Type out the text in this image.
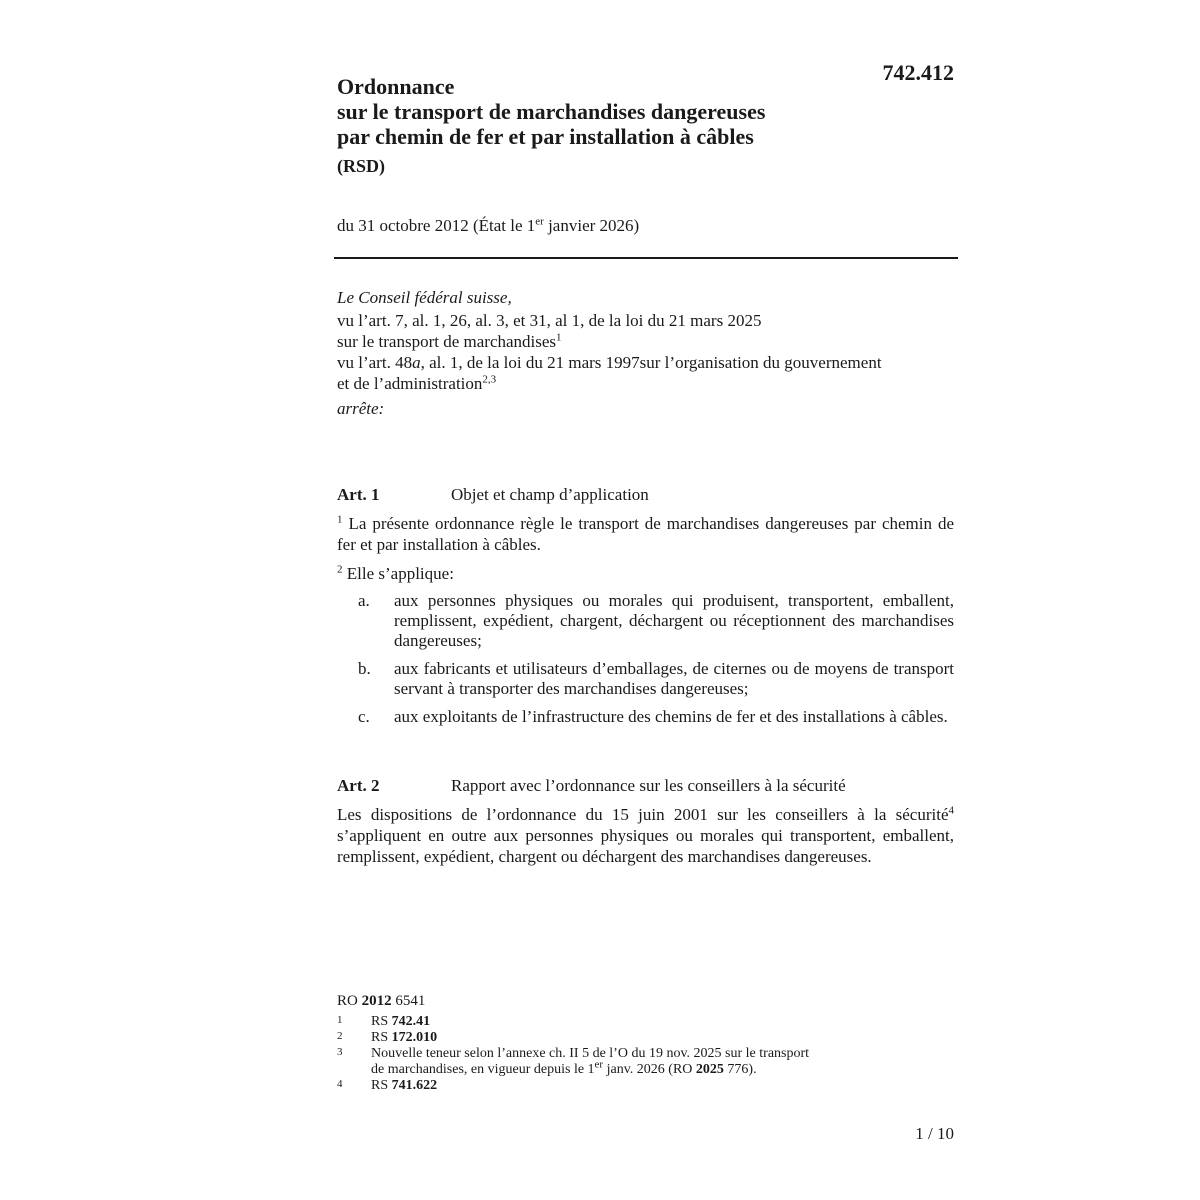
742.412
Ordonnance
sur le transport de marchandises dangereuses
par chemin de fer et par installation à câbles
(RSD)
du 31 octobre 2012 (État le 1er janvier 2026)

Le Conseil fédéral suisse,

vu l’art. 7, al. 1, 26, al. 3, et 31, al 1, de la loi du 21 mars 2025

sur le transport de marchandises$^1$

vu l’art. 48a, al. 1, de la loi du 21 mars 1997sur l’organisation du gouvernement

et de l’administration$^{2,3}$

arrête:

Art. 1	Objet et champ d’application

$^1$ La présente ordonnance règle le transport de marchandises dangereuses par chemin de fer et par installation à câbles.

$^2$ Elle s’applique:

a. aux personnes physiques ou morales qui produisent, transportent, emballent, remplissent, expédient, chargent, déchargent ou réceptionnent des marchandises dangereuses;
b. aux fabricants et utilisateurs d’emballages, de citernes ou de moyens de transport servant à transporter des marchandises dangereuses;
c. aux exploitants de l’infrastructure des chemins de fer et des installations à câbles.
Art. 2	Rapport avec l’ordonnance sur les conseillers à la sécurité

Les dispositions de l’ordonnance du 15 juin 2001 sur les conseillers à la sécurité$^4$ s’appliquent en outre aux personnes physiques ou morales qui transportent, emballent, remplissent, expédient, chargent ou déchargent des marchandises dangereuses.

RO 2012 6541
1 RS 742.41
2 RS 172.010
3 Nouvelle teneur selon l’annexe ch. II 5 de l’O du 19 nov. 2025 sur le transport
de marchandises, en vigueur depuis le 1er janv. 2026 (RO 2025 776).
4 RS 741.622
1 / 10
